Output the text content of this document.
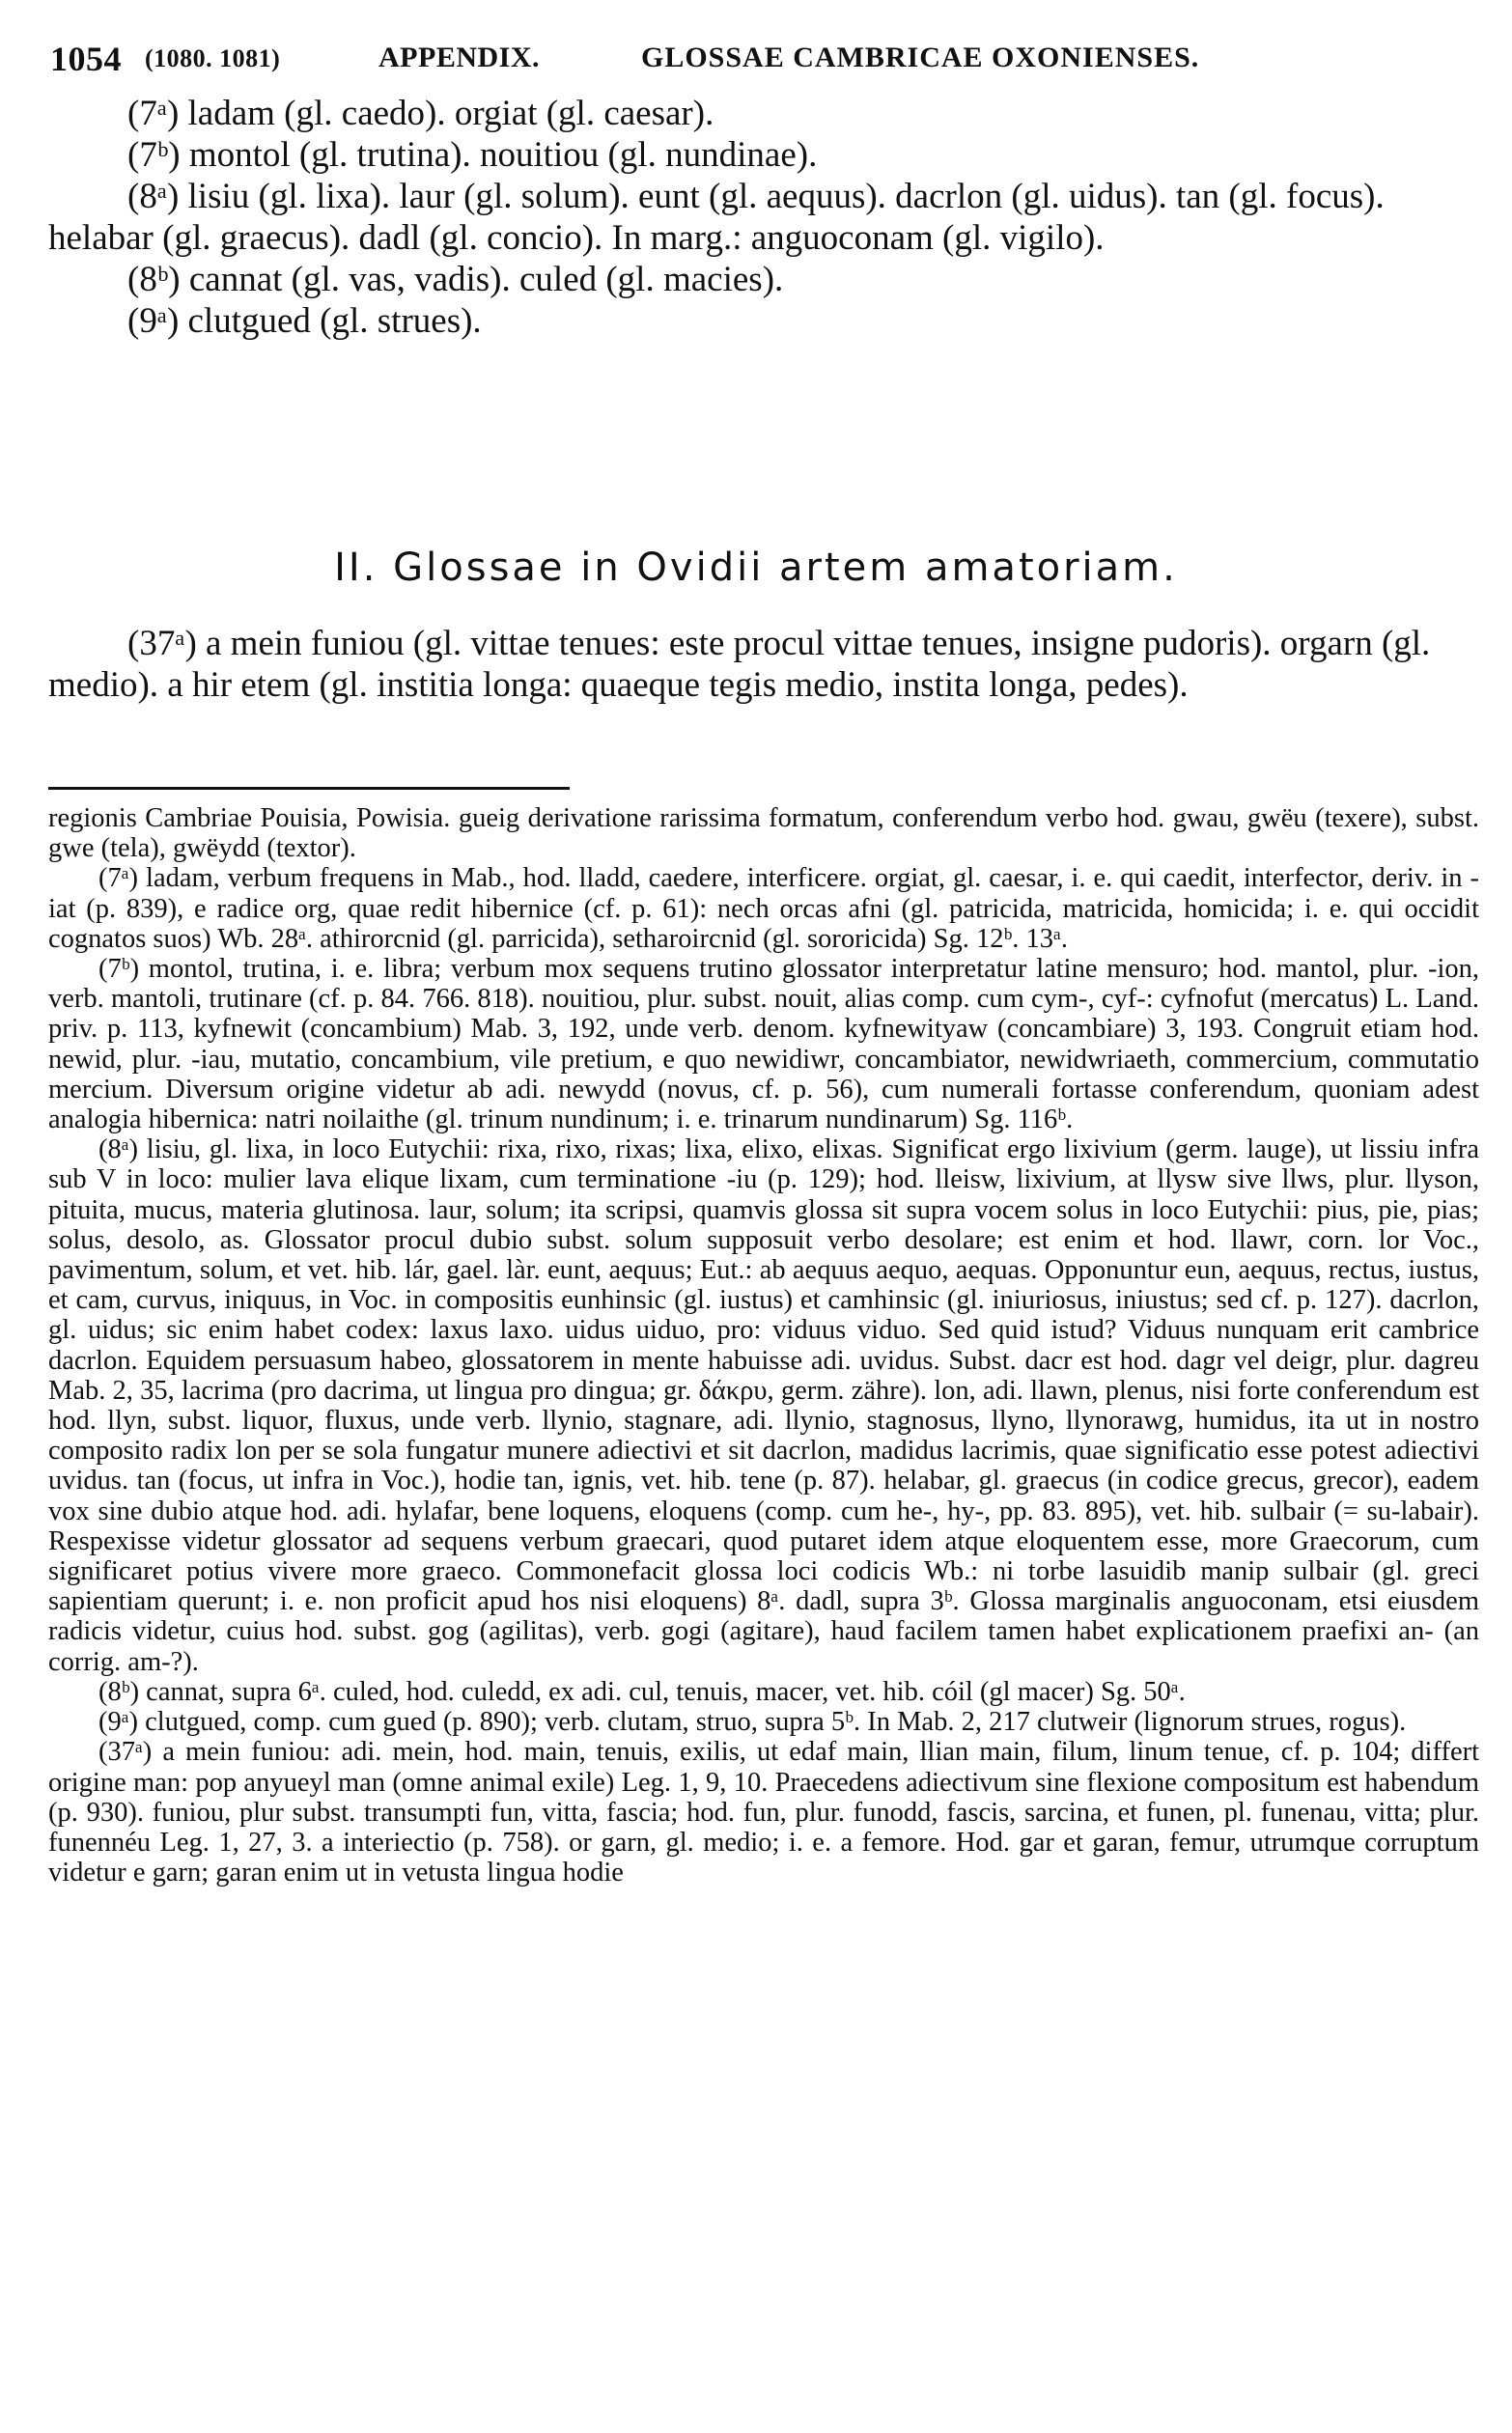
1054 (1080. 1081)	APPENDIX.	GLOSSAE CAMBRICAE OXONIENSES.

(7ᵃ) ladam (gl. caedo). orgiat (gl. caesar).

(7ᵇ) montol (gl. trutina). nouitiou (gl. nundinae).

(8ᵃ) lisiu (gl. lixa). laur (gl. solum). eunt (gl. aequus). dacrlon (gl. uidus). tan (gl. focus). helabar (gl. graecus). dadl (gl. concio). In marg.: anguoconam (gl. vigilo).

(8ᵇ) cannat (gl. vas, vadis). culed (gl. macies).

(9ᵃ) clutgued (gl. strues).

II. Glossae in Ovidii artem amatoriam.

(37ᵃ) a mein funiou (gl. vittae tenues: este procul vittae tenues, insigne pudoris). orgarn (gl. medio). a hir etem (gl. institia longa: quaeque tegis medio, instita longa, pedes).

regionis Cambriae Pouisia, Powisia. gueig derivatione rarissima formatum, conferendum verbo hod. gwau, gwëu (texere), subst. gwe (tela), gwëydd (textor).

(7ᵃ) ladam, verbum frequens in Mab., hod. lladd, caedere, interficere. orgiat, gl. caesar, i. e. qui caedit, interfector, deriv. in -iat (p. 839), e radice org, quae redit hibernice (cf. p. 61): nech orcas afni (gl. patricida, matricida, homicida; i. e. qui occidit cognatos suos) Wb. 28ᵃ. athirorcnid (gl. parricida), setharoircnid (gl. sororicida) Sg. 12ᵇ. 13ᵃ.

(7ᵇ) montol, trutina, i. e. libra; verbum mox sequens trutino glossator interpretatur latine mensuro; hod. mantol, plur. -ion, verb. mantoli, trutinare (cf. p. 84. 766. 818). nouitiou, plur. subst. nouit, alias comp. cum cym-, cyf-: cyfnofut (mercatus) L. Land. priv. p. 113, kyfnewit (concambium) Mab. 3, 192, unde verb. denom. kyfnewityaw (concambiare) 3, 193. Congruit etiam hod. newid, plur. -iau, mutatio, concambium, vile pretium, e quo newidiwr, concambiator, newidwriaeth, commercium, commutatio mercium. Diversum origine videtur ab adi. newydd (novus, cf. p. 56), cum numerali fortasse conferendum, quoniam adest analogia hibernica: natri noilaithe (gl. trinum nundinum; i. e. trinarum nundinarum) Sg. 116ᵇ.

(8ᵃ) lisiu, gl. lixa, in loco Eutychii: rixa, rixo, rixas; lixa, elixo, elixas. Significat ergo lixivium (germ. lauge), ut lissiu infra sub V in loco: mulier lava elique lixam, cum terminatione -iu (p. 129); hod. lleisw, lixivium, at llysw sive llws, plur. llyson, pituita, mucus, materia glutinosa. laur, solum; ita scripsi, quamvis glossa sit supra vocem solus in loco Eutychii: pius, pie, pias; solus, desolo, as. Glossator procul dubio subst. solum supposuit verbo desolare; est enim et hod. llawr, corn. lor Voc., pavimentum, solum, et vet. hib. lár, gael. làr. eunt, aequus; Eut.: ab aequus aequo, aequas. Opponuntur eun, aequus, rectus, iustus, et cam, curvus, iniquus, in Voc. in compositis eunhinsic (gl. iustus) et camhinsic (gl. iniuriosus, iniustus; sed cf. p. 127). dacrlon, gl. uidus; sic enim habet codex: laxus laxo. uidus uiduo, pro: viduus viduo. Sed quid istud? Viduus nunquam erit cambrice dacrlon. Equidem persuasum habeo, glossatorem in mente habuisse adi. uvidus. Subst. dacr est hod. dagr vel deigr, plur. dagreu Mab. 2, 35, lacrima (pro dacrima, ut lingua pro dingua; gr. δάκρυ, germ. zähre). lon, adi. llawn, plenus, nisi forte conferendum est hod. llyn, subst. liquor, fluxus, unde verb. llynio, stagnare, adi. llynio, stagnosus, llyno, llynorawg, humidus, ita ut in nostro composito radix lon per se sola fungatur munere adiectivi et sit dacrlon, madidus lacrimis, quae significatio esse potest adiectivi uvidus. tan (focus, ut infra in Voc.), hodie tan, ignis, vet. hib. tene (p. 87). helabar, gl. graecus (in codice grecus, grecor), eadem vox sine dubio atque hod. adi. hylafar, bene loquens, eloquens (comp. cum he-, hy-, pp. 83. 895), vet. hib. sulbair (= su-labair). Respexisse videtur glossator ad sequens verbum graecari, quod putaret idem atque eloquentem esse, more Graecorum, cum significaret potius vivere more graeco. Commonefacit glossa loci codicis Wb.: ni torbe lasuidib manip sulbair (gl. greci sapientiam querunt; i. e. non proficit apud hos nisi eloquens) 8ᵃ. dadl, supra 3ᵇ. Glossa marginalis anguoconam, etsi eiusdem radicis videtur, cuius hod. subst. gog (agilitas), verb. gogi (agitare), haud facilem tamen habet explicationem praefixi an- (an corrig. am-?).

(8ᵇ) cannat, supra 6ᵃ. culed, hod. culedd, ex adi. cul, tenuis, macer, vet. hib. cóil (gl macer) Sg. 50ᵃ.

(9ᵃ) clutgued, comp. cum gued (p. 890); verb. clutam, struo, supra 5ᵇ. In Mab. 2, 217 clutweir (lignorum strues, rogus).

(37ᵃ) a mein funiou: adi. mein, hod. main, tenuis, exilis, ut edaf main, llian main, filum, linum tenue, cf. p. 104; differt origine man: pop anyueyl man (omne animal exile) Leg. 1, 9, 10. Praecedens adiectivum sine flexione compositum est habendum (p. 930). funiou, plur subst. transumpti fun, vitta, fascia; hod. fun, plur. funodd, fascis, sarcina, et funen, pl. funenau, vitta; plur. funennéu Leg. 1, 27, 3. a interiectio (p. 758). or garn, gl. medio; i. e. a femore. Hod. gar et garan, femur, utrumque corruptum videtur e garn; garan enim ut in vetusta lingua hodie
